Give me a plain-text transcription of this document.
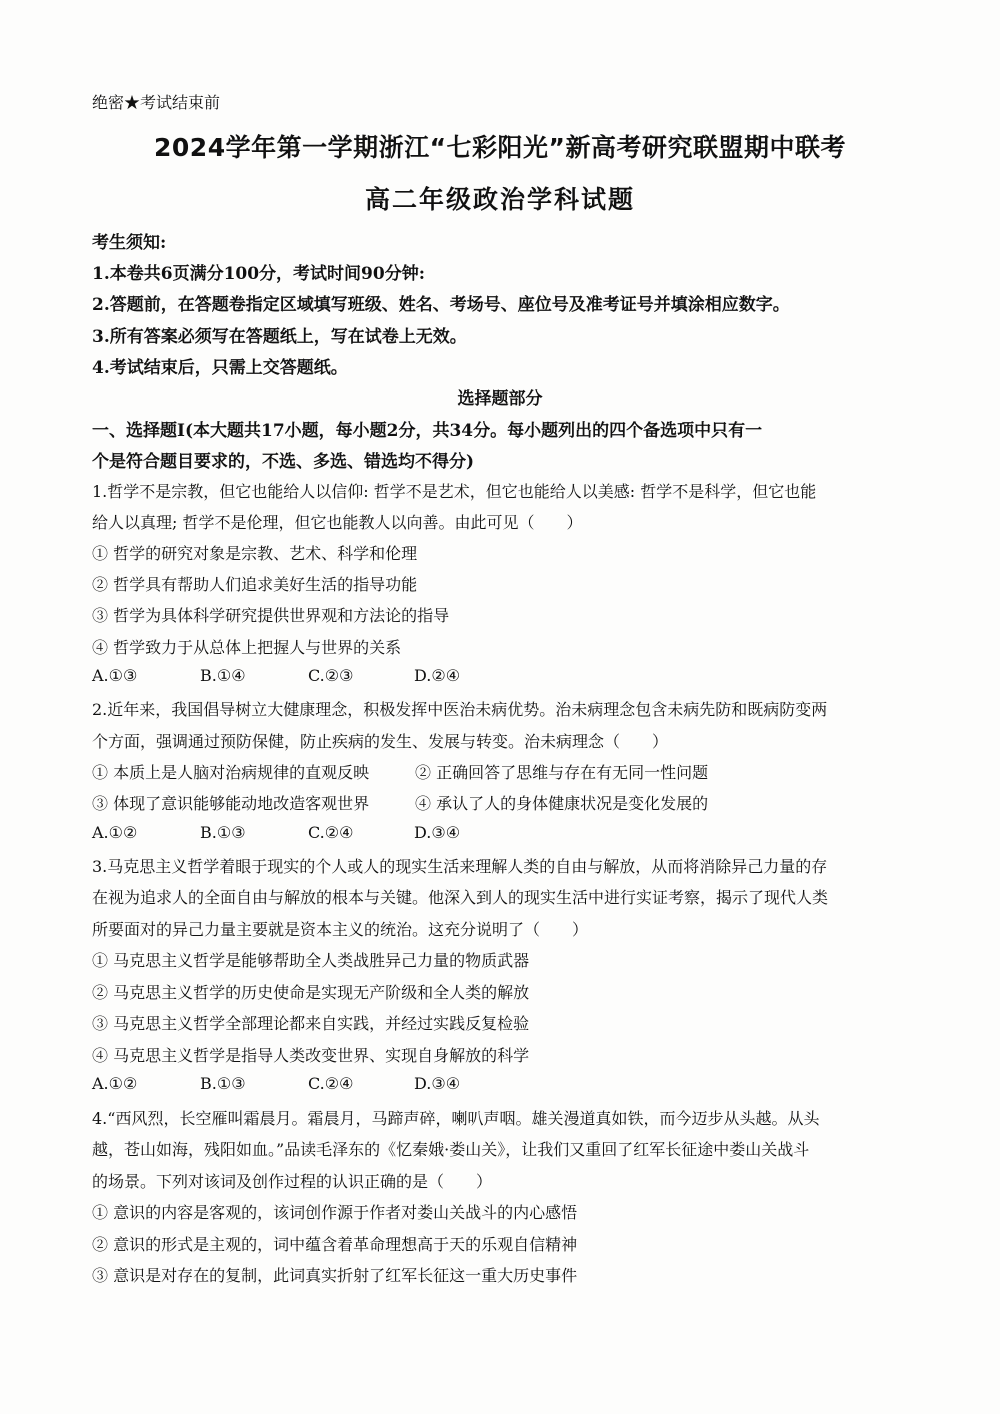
绝密★考试结束前
2024学年第一学期浙江“七彩阳光”新高考研究联盟期中联考
高二年级政治学科试题
考生须知:
1.本卷共6页满分100分，考试时间90分钟:
2.答题前，在答题卷指定区域填写班级、姓名、考场号、座位号及准考证号并填涂相应数字。
3.所有答案必须写在答题纸上，写在试卷上无效。
4.考试结束后，只需上交答题纸。
选择题部分
一、选择题Ⅰ(本大题共17小题，每小题2分，共34分。每小题列出的四个备选项中只有一
个是符合题目要求的，不选、多选、错选均不得分)
1.哲学不是宗教，但它也能给人以信仰: 哲学不是艺术，但它也能给人以美感: 哲学不是科学，但它也能
给人以真理; 哲学不是伦理，但它也能教人以向善。由此可见（　　）
① 哲学的研究对象是宗教、艺术、科学和伦理
② 哲学具有帮助人们追求美好生活的指导功能
③ 哲学为具体科学研究提供世界观和方法论的指导
④ 哲学致力于从总体上把握人与世界的关系
A.①③	B.①④	C.②③	D.②④
2.近年来，我国倡导树立大健康理念，积极发挥中医治未病优势。治未病理念包含未病先防和既病防变两
个方面，强调通过预防保健，防止疾病的发生、发展与转变。治未病理念（　　）
① 本质上是人脑对治病规律的直观反映	② 正确回答了思维与存在有无同一性问题
③ 体现了意识能够能动地改造客观世界	④ 承认了人的身体健康状况是变化发展的
A.①②	B.①③	C.②④	D.③④
3.马克思主义哲学着眼于现实的个人或人的现实生活来理解人类的自由与解放，从而将消除异己力量的存
在视为追求人的全面自由与解放的根本与关键。他深入到人的现实生活中进行实证考察，揭示了现代人类
所要面对的异己力量主要就是资本主义的统治。这充分说明了（　　）
① 马克思主义哲学是能够帮助全人类战胜异己力量的物质武器
② 马克思主义哲学的历史使命是实现无产阶级和全人类的解放
③ 马克思主义哲学全部理论都来自实践，并经过实践反复检验
④ 马克思主义哲学是指导人类改变世界、实现自身解放的科学
A.①②	B.①③	C.②④	D.③④
4.“西风烈，长空雁叫霜晨月。霜晨月，马蹄声碎，喇叭声咽。雄关漫道真如铁，而今迈步从头越。从头
越，苍山如海，残阳如血。”品读毛泽东的《忆秦娥·娄山关》，让我们又重回了红军长征途中娄山关战斗
的场景。下列对该词及创作过程的认识正确的是（　　）
① 意识的内容是客观的，该词创作源于作者对娄山关战斗的内心感悟
② 意识的形式是主观的，词中蕴含着革命理想高于天的乐观自信精神
③ 意识是对存在的复制，此词真实折射了红军长征这一重大历史事件
